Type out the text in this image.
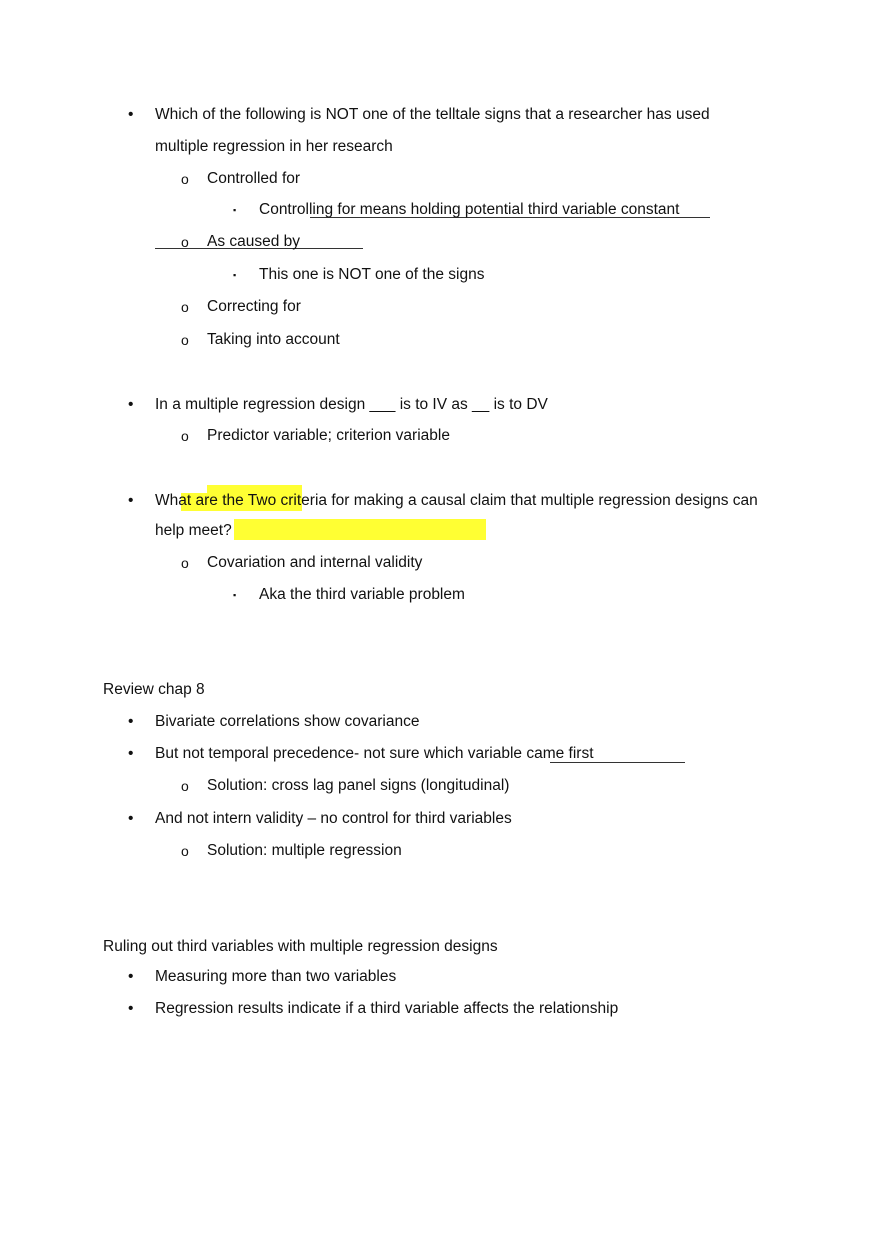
• Which of the following is NOT one of the telltale signs that a researcher has used
multiple regression in her research
o Controlled for
▪ Controlling for means holding potential third variable constant
o As caused by
▪ This one is NOT one of the signs
o Correcting for
o Taking into account
• In a multiple regression design ___ is to IV as __ is to DV
o Predictor variable; criterion variable
• What are the Two criteria for making a causal claim that multiple regression designs can
help meet?
o Covariation and internal validity
▪ Aka the third variable problem
Review chap 8
• Bivariate correlations show covariance
• But not temporal precedence- not sure which variable came first
o Solution: cross lag panel signs (longitudinal)
• And not intern validity – no control for third variables
o Solution: multiple regression
Ruling out third variables with multiple regression designs
• Measuring more than two variables
• Regression results indicate if a third variable affects the relationship
